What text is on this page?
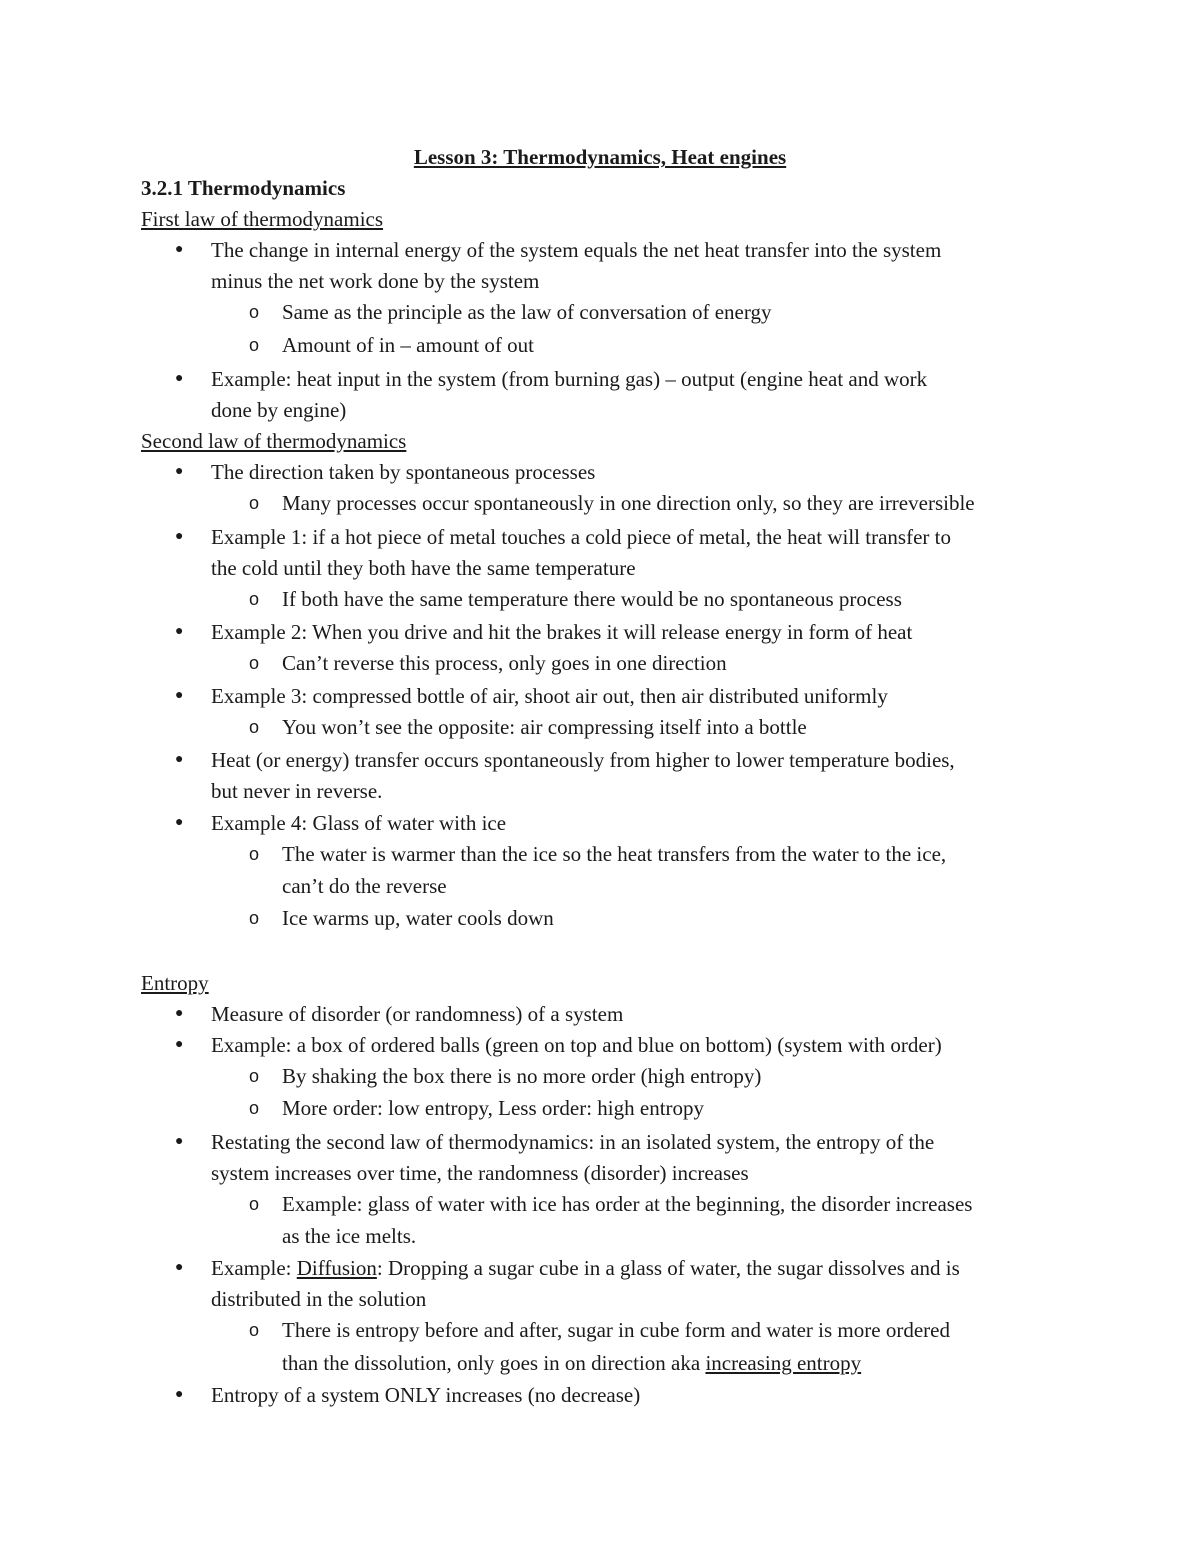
Lesson 3: Thermodynamics, Heat engines
3.2.1 Thermodynamics
First law of thermodynamics
● The change in internal energy of the system equals the net heat transfer into the system
minus the net work done by the system
o Same as the principle as the law of conversation of energy
o Amount of in – amount of out
● Example: heat input in the system (from burning gas) – output (engine heat and work
done by engine)
Second law of thermodynamics
● The direction taken by spontaneous processes
o Many processes occur spontaneously in one direction only, so they are irreversible
● Example 1: if a hot piece of metal touches a cold piece of metal, the heat will transfer to
the cold until they both have the same temperature
o If both have the same temperature there would be no spontaneous process
● Example 2: When you drive and hit the brakes it will release energy in form of heat
o Can’t reverse this process, only goes in one direction
● Example 3: compressed bottle of air, shoot air out, then air distributed uniformly
o You won’t see the opposite: air compressing itself into a bottle
● Heat (or energy) transfer occurs spontaneously from higher to lower temperature bodies,
but never in reverse.
● Example 4: Glass of water with ice
o The water is warmer than the ice so the heat transfers from the water to the ice,
can’t do the reverse
o Ice warms up, water cools down
Entropy
● Measure of disorder (or randomness) of a system
● Example: a box of ordered balls (green on top and blue on bottom) (system with order)
o By shaking the box there is no more order (high entropy)
o More order: low entropy, Less order: high entropy
● Restating the second law of thermodynamics: in an isolated system, the entropy of the
system increases over time, the randomness (disorder) increases
o Example: glass of water with ice has order at the beginning, the disorder increases
as the ice melts.
● Example: Diffusion: Dropping a sugar cube in a glass of water, the sugar dissolves and is
distributed in the solution
o There is entropy before and after, sugar in cube form and water is more ordered
than the dissolution, only goes in on direction aka increasing entropy
● Entropy of a system ONLY increases (no decrease)
